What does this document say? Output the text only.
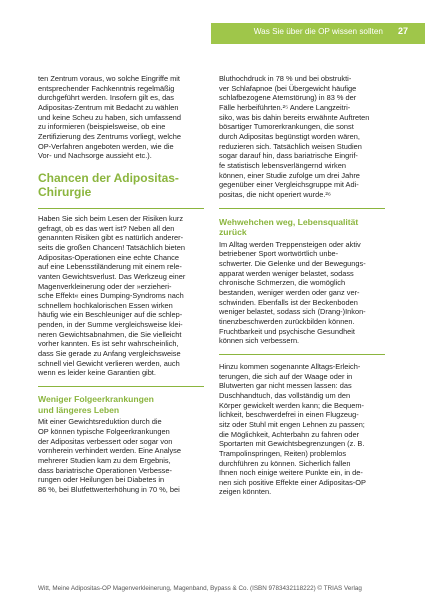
Was Sie über die OP wissen sollten 27

ten Zentrum voraus, wo solche Eingriffe mit
entsprechender Fachkenntnis regelmäßig
durchgeführt werden. Insofern gilt es, das
Adipositas-Zentrum mit Bedacht zu wählen
und keine Scheu zu haben, sich umfassend
zu informieren (beispielsweise, ob eine
Zertifizierung des Zentrums vorliegt, welche
OP-Verfahren angeboten werden, wie die
Vor- und Nachsorge aussieht etc.).

Chancen der Adipositas-
Chirurgie

Haben Sie sich beim Lesen der Risiken kurz
gefragt, ob es das wert ist? Neben all den
genannten Risiken gibt es natürlich anderer-
seits die großen Chancen! Tatsächlich bieten
Adipositas-Operationen eine echte Chance
auf eine Lebensstiländerung mit einem rele-
vanten Gewichtsverlust. Das Werkzeug einer
Magenverkleinerung oder der »erzieheri-
sche Effekt« eines Dumping-Syndroms nach
schnellem hochkalorischen Essen wirken
häufig wie ein Beschleuniger auf die schlep-
penden, in der Summe vergleichsweise klei-
neren Gewichtsabnahmen, die Sie vielleicht
vorher kannten. Es ist sehr wahrscheinlich,
dass Sie gerade zu Anfang vergleichsweise
schnell viel Gewicht verlieren werden, auch
wenn es leider keine Garantien gibt.

Weniger Folgeerkrankungen
und längeres Leben

Mit einer Gewichtsreduktion durch die
OP können typische Folgeerkrankungen
der Adipositas verbessert oder sogar von
vornherein verhindert werden. Eine Analyse
mehrerer Studien kam zu dem Ergebnis,
dass bariatrische Operationen Verbesse-
rungen oder Heilungen bei Diabetes in
86 %, bei Blutfettwerterhöhung in 70 %, bei

Bluthochdruck in 78 % und bei obstrukti-
ver Schlafapnoe (bei Übergewicht häufige
schlafbezogene Atemstörung) in 83 % der
Fälle herbeiführten.²⁵ Andere Langzeitri-
siko, was bis dahin bereits erwähnte Auftreten
bösartiger Tumorerkrankungen, die sonst
durch Adipositas begünstigt worden wären,
reduzieren sich. Tatsächlich weisen Studien
sogar darauf hin, dass bariatrische Eingrif-
fe statistisch lebensverlängernd wirken
können, einer Studie zufolge um drei Jahre
gegenüber einer Vergleichsgruppe mit Adi-
positas, die nicht operiert wurde.²⁶

Wehwehchen weg, Lebensqualität
zurück

Im Alltag werden Treppensteigen oder aktiv
betriebener Sport wortwörtlich unbe-
schwerter. Die Gelenke und der Bewegungs-
apparat werden weniger belastet, sodass
chronische Schmerzen, die womöglich
bestanden, weniger werden oder ganz ver-
schwinden. Ebenfalls ist der Beckenboden
weniger belastet, sodass sich (Drang-)Inkon-
tinenzbeschwerden zurückbilden können.
Fruchtbarkeit und psychische Gesundheit
können sich verbessern.

Hinzu kommen sogenannte Alltags-Erleich-
terungen, die sich auf der Waage oder in
Blutwerten gar nicht messen lassen: das
Duschhandtuch, das vollständig um den
Körper gewickelt werden kann; die Bequem-
lichkeit, beschwerdefrei in einen Flugzeug-
sitz oder Stuhl mit engen Lehnen zu passen;
die Möglichkeit, Achterbahn zu fahren oder
Sportarten mit Gewichtsbegrenzungen (z. B.
Trampolinspringen, Reiten) problemlos
durchführen zu können. Sicherlich fallen
Ihnen noch einige weitere Punkte ein, in de-
nen sich positive Effekte einer Adipositas-OP
zeigen könnten.

Witt, Meine Adipositas-OP Magenverkleinerung, Magenband, Bypass & Co. (ISBN 9783432118222) © TRIAS Verlag
